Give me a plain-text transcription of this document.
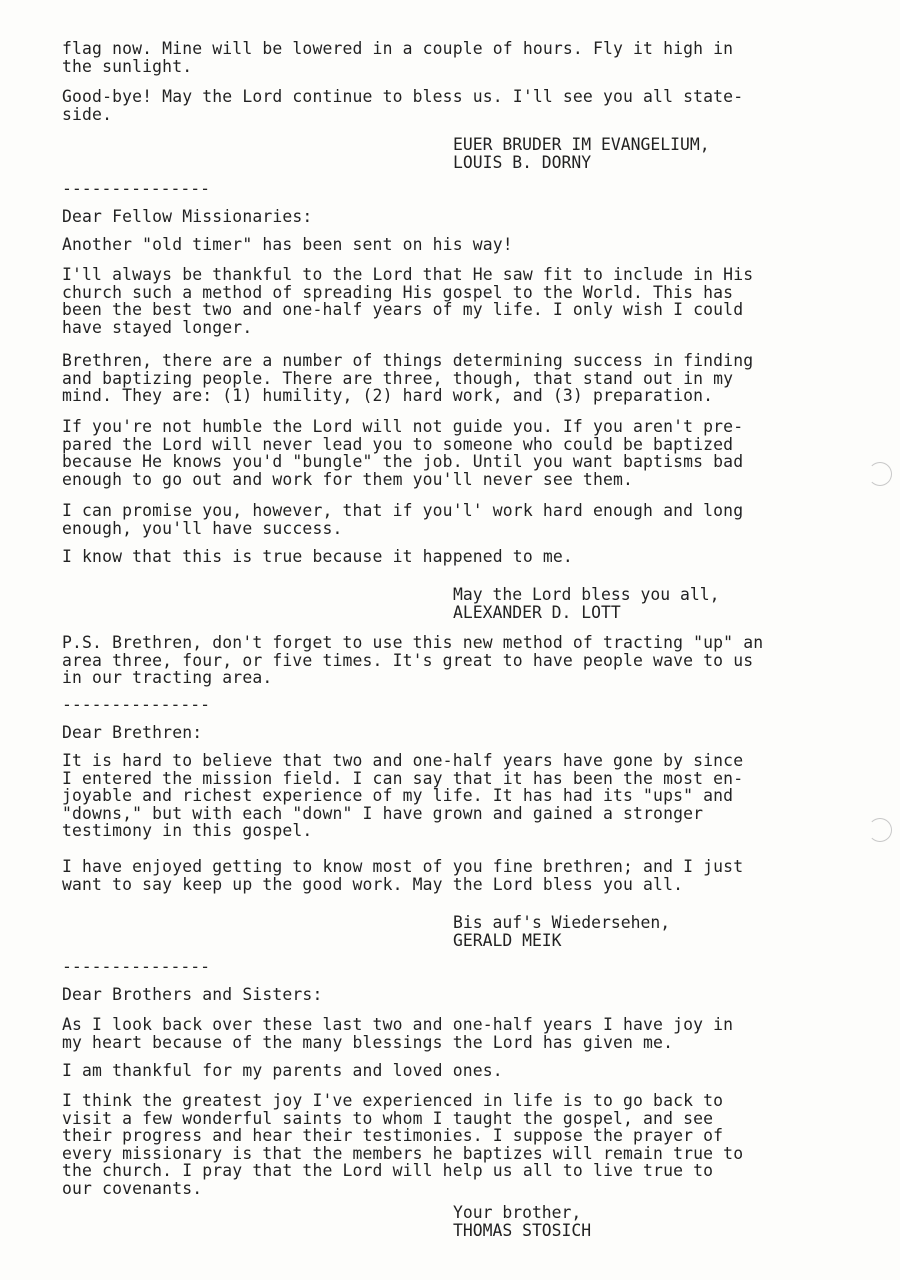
flag now. Mine will be lowered in a couple of hours. Fly it high in
the sunlight.

Good-bye! May the Lord continue to bless us. I'll see you all state-
side.

EUER BRUDER IM EVANGELIUM,
LOUIS B. DORNY

---------------

Dear Fellow Missionaries:

Another "old timer" has been sent on his way!

I'll always be thankful to the Lord that He saw fit to include in His
church such a method of spreading His gospel to the World. This has
been the best two and one-half years of my life. I only wish I could
have stayed longer.

Brethren, there are a number of things determining success in finding
and baptizing people. There are three, though, that stand out in my
mind. They are: (1) humility, (2) hard work, and (3) preparation.

If you're not humble the Lord will not guide you. If you aren't pre-
pared the Lord will never lead you to someone who could be baptized
because He knows you'd "bungle" the job. Until you want baptisms bad
enough to go out and work for them you'll never see them.

I can promise you, however, that if you'l' work hard enough and long
enough, you'll have success.

I know that this is true because it happened to me.

May the Lord bless you all,
ALEXANDER D. LOTT

P.S. Brethren, don't forget to use this new method of tracting "up" an
area three, four, or five times. It's great to have people wave to us
in our tracting area.

---------------

Dear Brethren:

It is hard to believe that two and one-half years have gone by since
I entered the mission field. I can say that it has been the most en-
joyable and richest experience of my life. It has had its "ups" and
"downs," but with each "down" I have grown and gained a stronger
testimony in this gospel.

I have enjoyed getting to know most of you fine brethren; and I just
want to say keep up the good work. May the Lord bless you all.

Bis auf's Wiedersehen,
GERALD MEIK

---------------

Dear Brothers and Sisters:

As I look back over these last two and one-half years I have joy in
my heart because of the many blessings the Lord has given me.

I am thankful for my parents and loved ones.

I think the greatest joy I've experienced in life is to go back to
visit a few wonderful saints to whom I taught the gospel, and see
their progress and hear their testimonies. I suppose the prayer of
every missionary is that the members he baptizes will remain true to
the church. I pray that the Lord will help us all to live true to
our covenants.

Your brother,
THOMAS STOSICH
